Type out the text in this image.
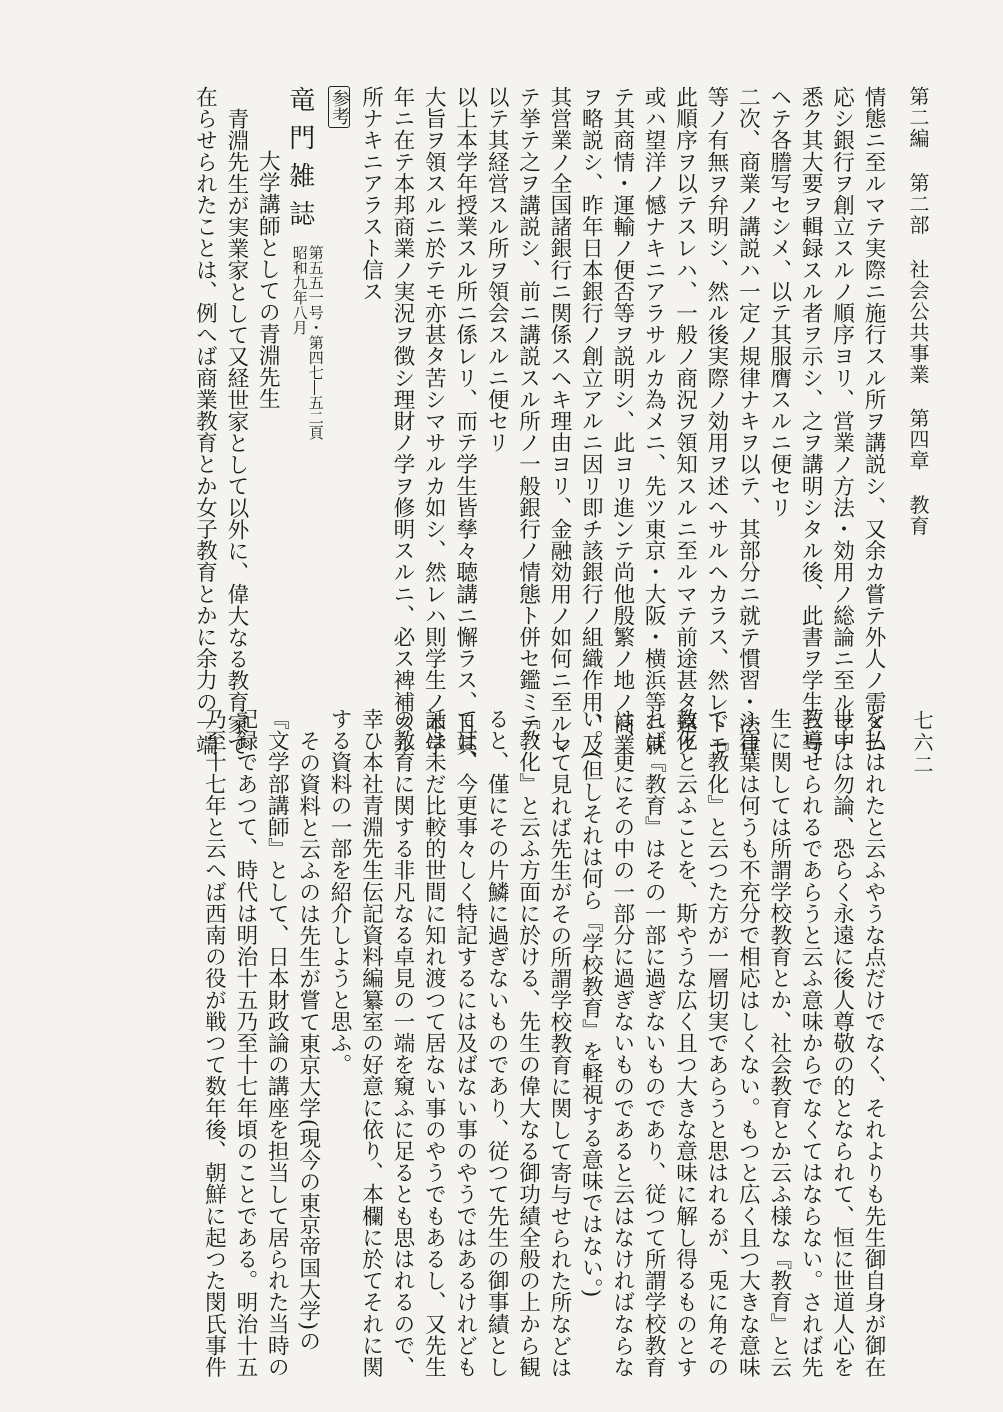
第二編 第二部 社会公共事業 第四章 教育
七六二
情態ニ至ルマテ実際ニ施行スル所ヲ講説シ、又余カ嘗テ外人ノ需メニ
応シ銀行ヲ創立スルノ順序ヨリ、営業ノ方法・効用ノ総論ニ至ルマテ
悉ク其大要ヲ輯録スル者ヲ示シ、之ヲ講明シタル後、此書ヲ学生ニ与
ヘテ各謄写セシメ、以テ其服膺スルニ便セリ
二次、商業ノ講説ハ一定ノ規律ナキヲ以テ、其部分ニ就テ慣習・法律
等ノ有無ヲ弁明シ、然ル後実際ノ効用ヲ述ヘサルヘカラス、然レトモ
此順序ヲ以テスレハ、一般ノ商況ヲ領知スルニ至ルマテ前途甚タ遠ク
或ハ望洋ノ憾ナキニアラサルカ為メニ、先ツ東京・大阪・横浜等ニ就
テ其商情・運輸ノ便否等ヲ説明シ、此ヨリ進ンテ尚他殷繁ノ地ノ商業
ヲ略説シ、昨年日本銀行ノ創立アルニ因リ即チ該銀行ノ組織作用、及
其営業ノ全国諸銀行ニ関係スヘキ理由ヨリ、金融効用ノ如何ニ至ルマ
テ挙テ之ヲ講説シ、前ニ講説スル所ノ一般銀行ノ情態ト併セ鑑ミテ、
以テ其経営スル所ヲ領会スルニ便セリ
以上本学年授業スル所ニ係レリ、而テ学生皆孳々聴講ニ懈ラス、且其
大旨ヲ領スルニ於テモ亦甚タ苦シマサルカ如シ、然レハ則学生ノ本学
年ニ在テ本邦商業ノ実況ヲ徴シ理財ノ学ヲ修明スルニ、必ス裨補スル
所ナキニアラスト信ス
参考
竜門雑誌 第五五一号・第四七―五二頁
昭和九年八月
大学講師としての青淵先生
青淵先生が実業家として又経世家として以外に、偉大なる教育家で
在らせられたことは、例へば商業教育とか女子教育とかに余力の一端
を払はれたと云ふやうな点だけでなく、それよりも先生御自身が御在
世中は勿論、恐らく永遠に後人尊敬の的となられて、恒に世道人心を
教導せられるであらうと云ふ意味からでなくてはならない。されば先
生に関しては所謂学校教育とか、社会教育とか云ふ様な『教育』と云
ふ言葉は何うも不充分で相応はしくない。もつと広く且つ大きな意味
で『教化』と云つた方が一層切実であらうと思はれるが、兎に角その
教化と云ふことを、斯やうな広く且つ大きな意味に解し得るものとす
れば『教育』はその一部に過ぎないものであり、従つて所謂学校教育
は、更にその中の一部分に過ぎないものであると云はなければならな
い。(但しそれは何ら『学校教育』を軽視する意味ではない。)
して見れば先生がその所謂学校教育に関して寄与せられた所などは
『教化』と云ふ方面に於ける、先生の偉大なる御功績全般の上から観
ると、僅にその片鱗に過ぎないものであり、従つて先生の御事績とし
ては、今更事々しく特記するには及ばない事のやうではあるけれども
話は未だ比較的世間に知れ渡つて居ない事のやうでもあるし、又先生
の教育に関する非凡なる卓見の一端を窺ふに足るとも思はれるので、
幸ひ本社青淵先生伝記資料編纂室の好意に依り、本欄に於てそれに関
する資料の一部を紹介しようと思ふ。
その資料と云ふのは先生が嘗て東京大学(現今の東京帝国大学)の
『文学部講師』として、日本財政論の講座を担当して居られた当時の
記録であつて、時代は明治十五乃至十七年頃のことである。明治十五
乃至十七年と云へば西南の役が戦つて数年後、朝鮮に起つた閔氏事件
